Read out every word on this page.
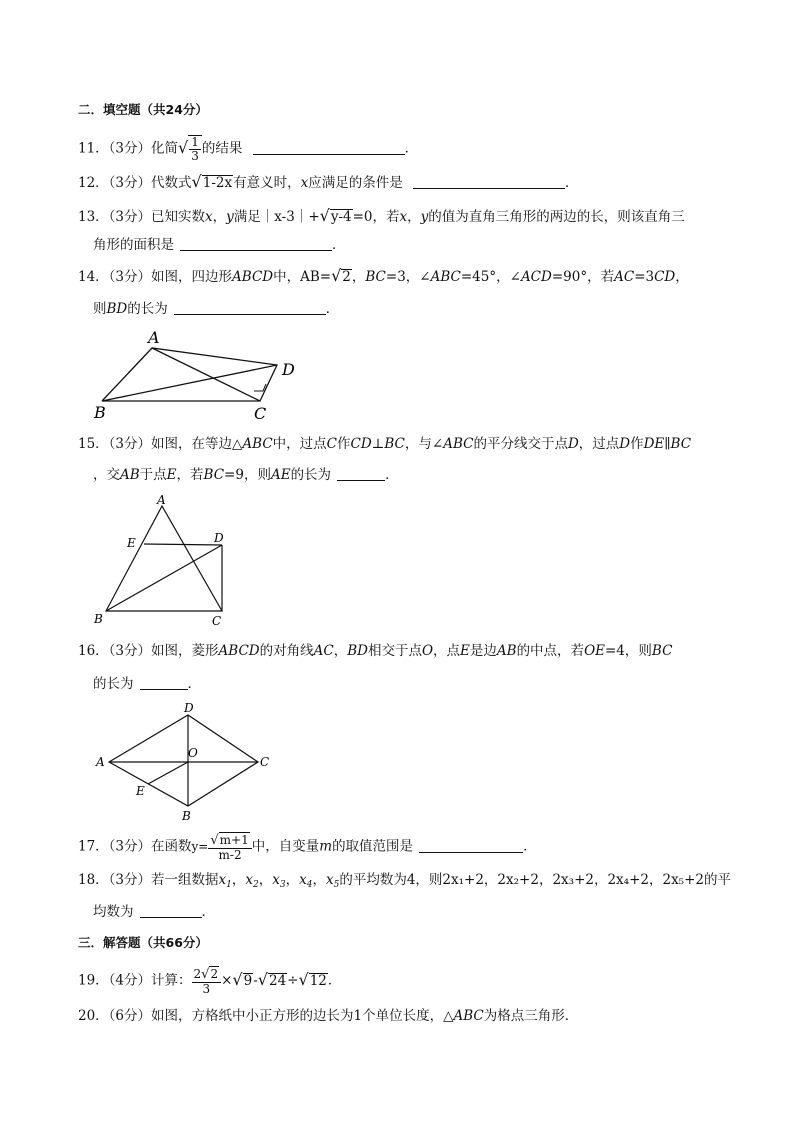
二．填空题（共24分）
11．（3分）化简√ $\frac{1}{3}$ 的结果	．
12．（3分）代数式√1-2x有意义时，x应满足的条件是	．
13．（3分）已知实数x，y满足｜x-3｜+√y-4=0，若x，y的值为直角三角形的两边的长，则该直角三
角形的面积是	．
14．（3分）如图，四边形ABCD中，AB=√2，BC=3，∠ABC=45°，∠ACD=90°，若AC=3CD，
则BD的长为	．
A
B	C
D
15．（3分）如图，在等边△ABC中，过点C作CD⊥BC，与∠ABC的平分线交于点D，过点D作DE∥BC
，交AB于点E，若BC=9，则AE的长为	．
A
B	C
D
E
16．（3分）如图，菱形ABCD的对角线AC，BD相交于点O，点E是边AB的中点，若OE=4，则BC
的长为	．
A
B
C
D
O
E
17．（3分）在函数$y= \frac{√m+1}{m-2}$ 中，自变量m的取值范围是	．
18．（3分）若一组数据$x_1$，$x_2$，$x_3$，$x_4$，$x_5$的平均数为4，则2x₁+2，2x₂+2，2x₃+2，2x₄+2，2x₅+2的平
均数为	．
三．解答题（共66分）
19．（4分）计算： $\frac{2√2}{3} \times√9-√24\div√12$．
20．（6分）如图，方格纸中小正方形的边长为1个单位长度，△ABC为格点三角形．
